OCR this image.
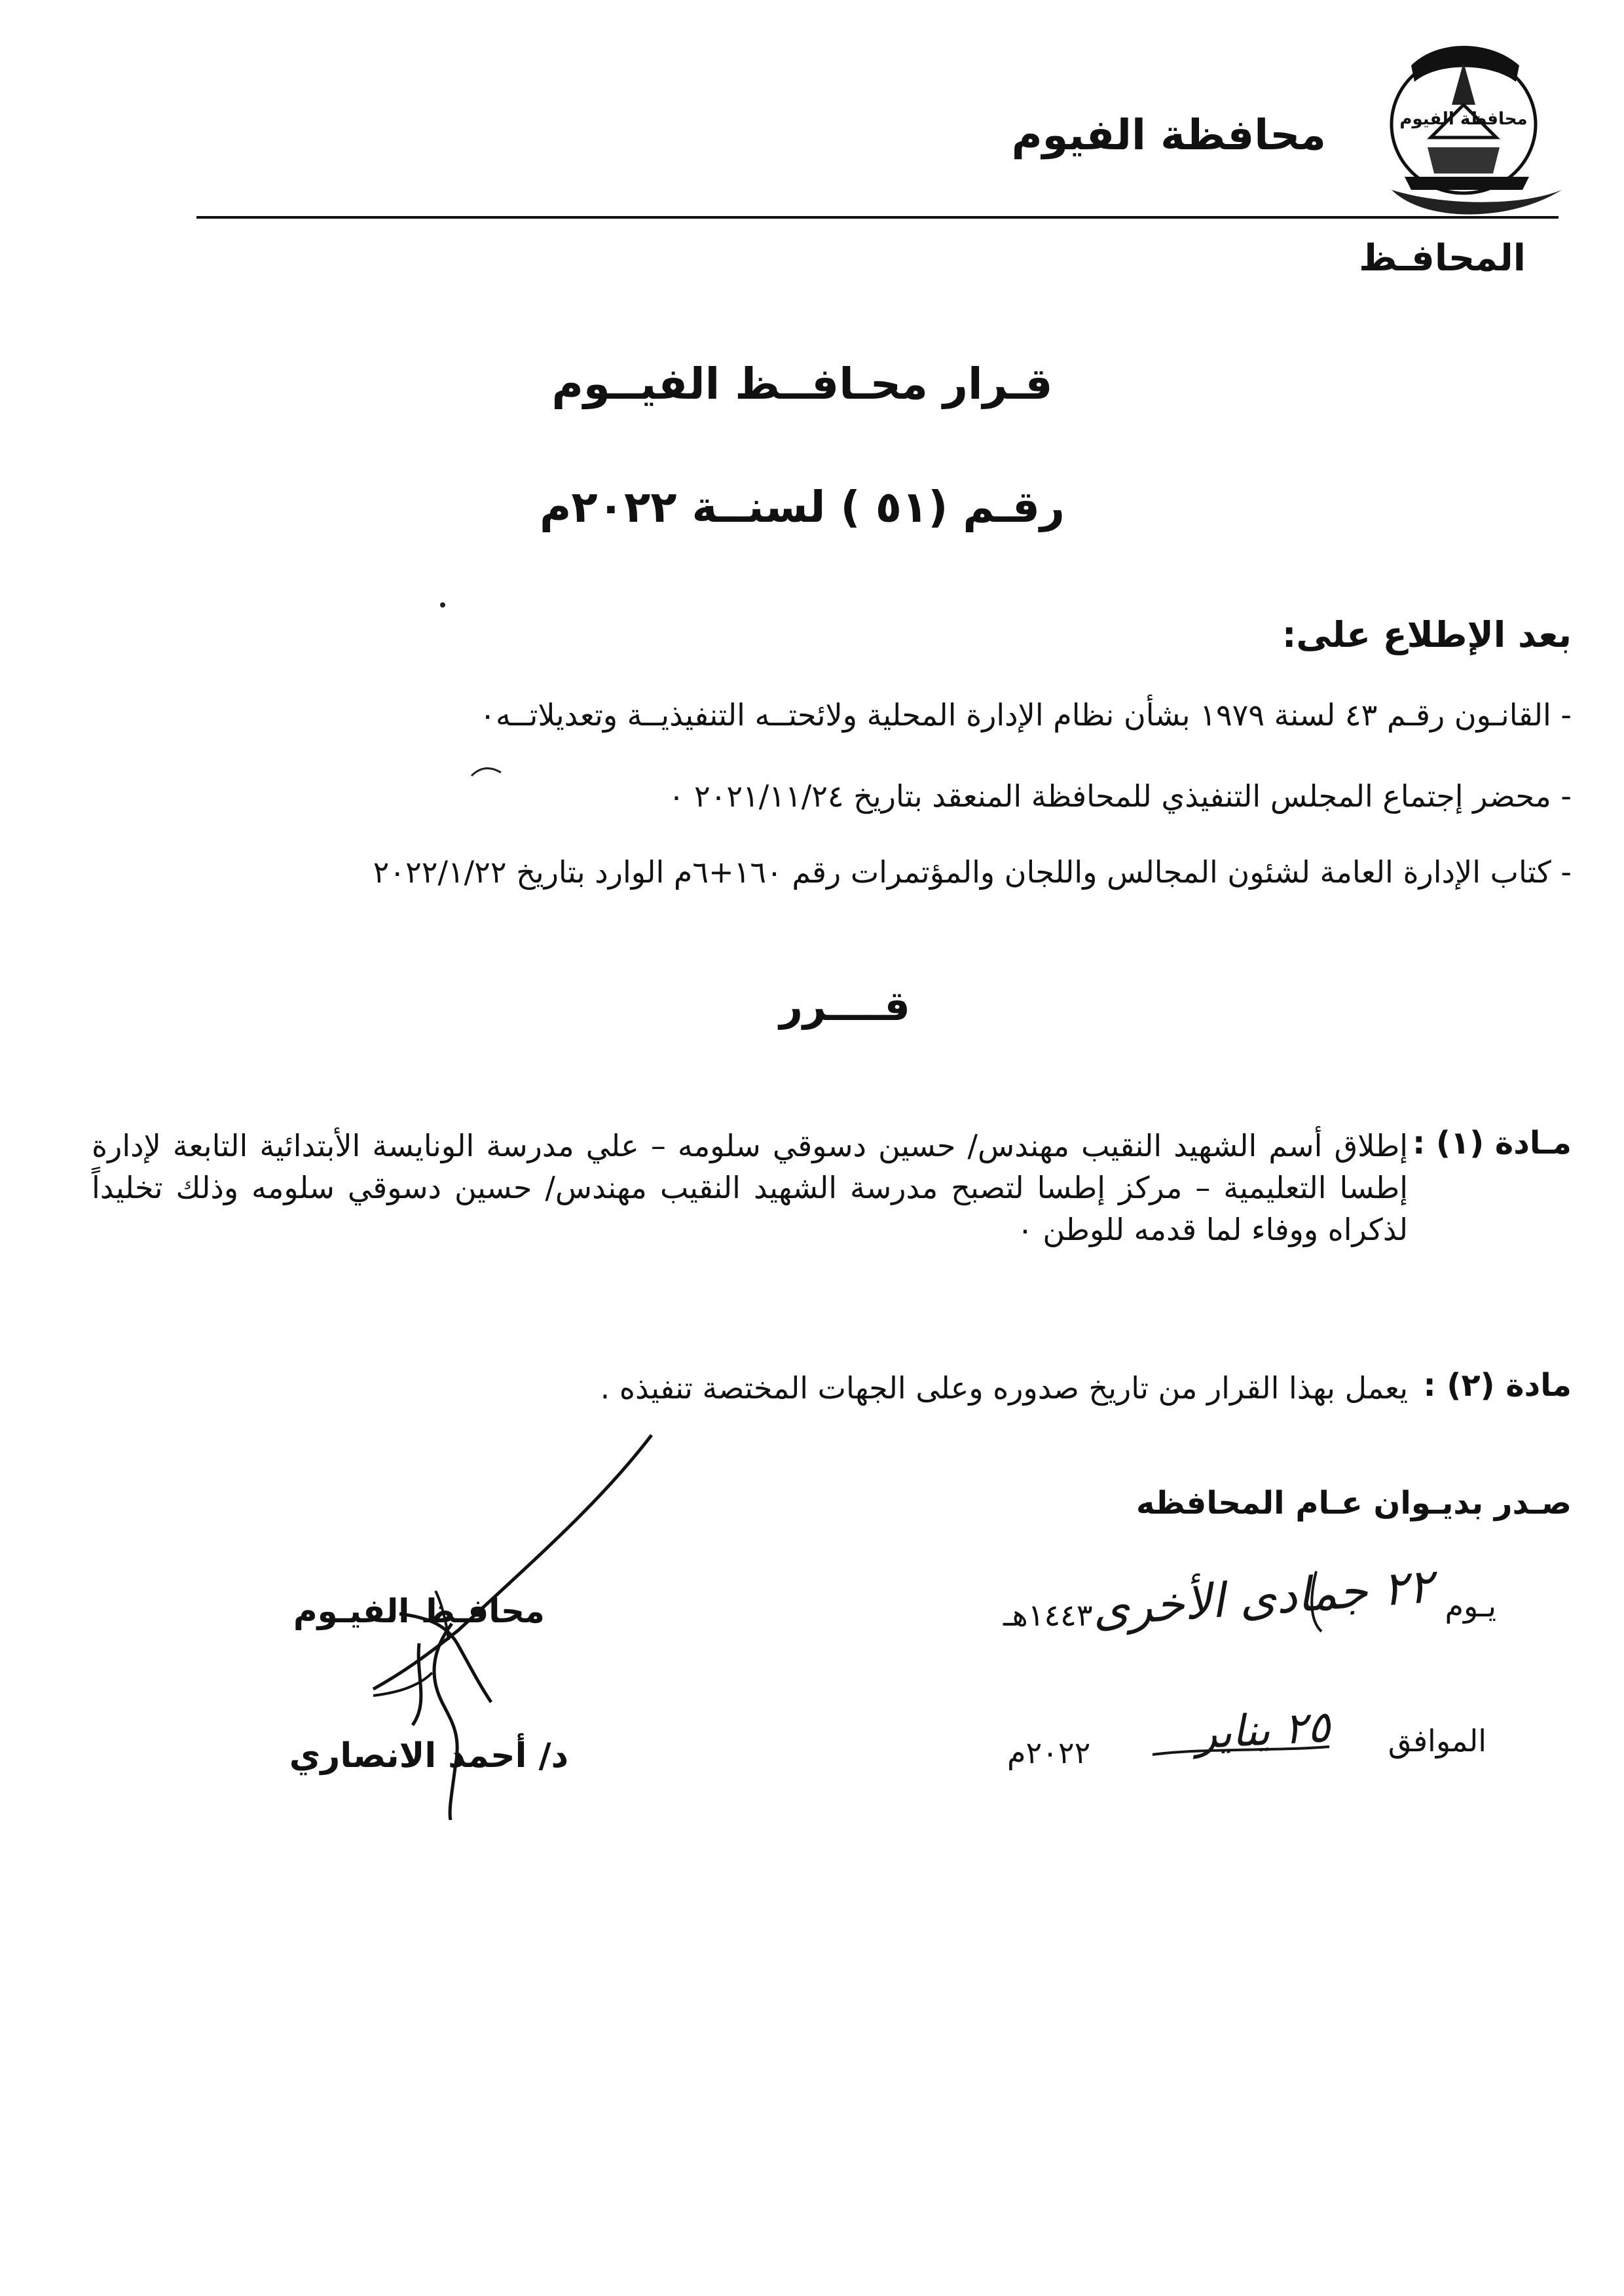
محافظة الفيوم
محافظة الفيوم
المحافـظ
قـرار محـافــظ الفيــوم
رقـم (٥١ ) لسنــة ٢٠٢٢م
بعد الإطلاع على:
- القانـون رقـم ٤٣ لسنة ١٩٧٩ بشأن نظام الإدارة المحلية ولائحتــه التنفيذيــة وتعديلاتــه٠
- محضر إجتماع المجلس التنفيذي للمحافظة المنعقد بتاريخ ٢٠٢١/١١/٢٤ ٠
- كتاب الإدارة العامة لشئون المجالس واللجان والمؤتمرات رقم ١٦٠+٦م الوارد بتاريخ ٢٠٢٢/١/٢٢
قــــرر
مـادة (١) :
إطلاق أسم الشهيد النقيب مهندس/ حسين دسوقي سلومه – علي مدرسة الونايسة الأبتدائية التابعة لإدارة إطسا التعليمية – مركز إطسا لتصبح مدرسة الشهيد النقيب مهندس/ حسين دسوقي سلومه وذلك تخليداً لذكراه ووفاء لما قدمه للوطن ٠
مادة (٢) :
يعمل بهذا القرار من تاريخ صدوره وعلى الجهات المختصة تنفيذه .
صـدر بديـوان عـام المحافظه
يـوم
٢٢ جمادى الأخرى
١٤٤٣هـ
الموافق
٢٥ يناير
٢٠٢٢م
محافـظ الفيـوم
د/ أحمد الانصاري
